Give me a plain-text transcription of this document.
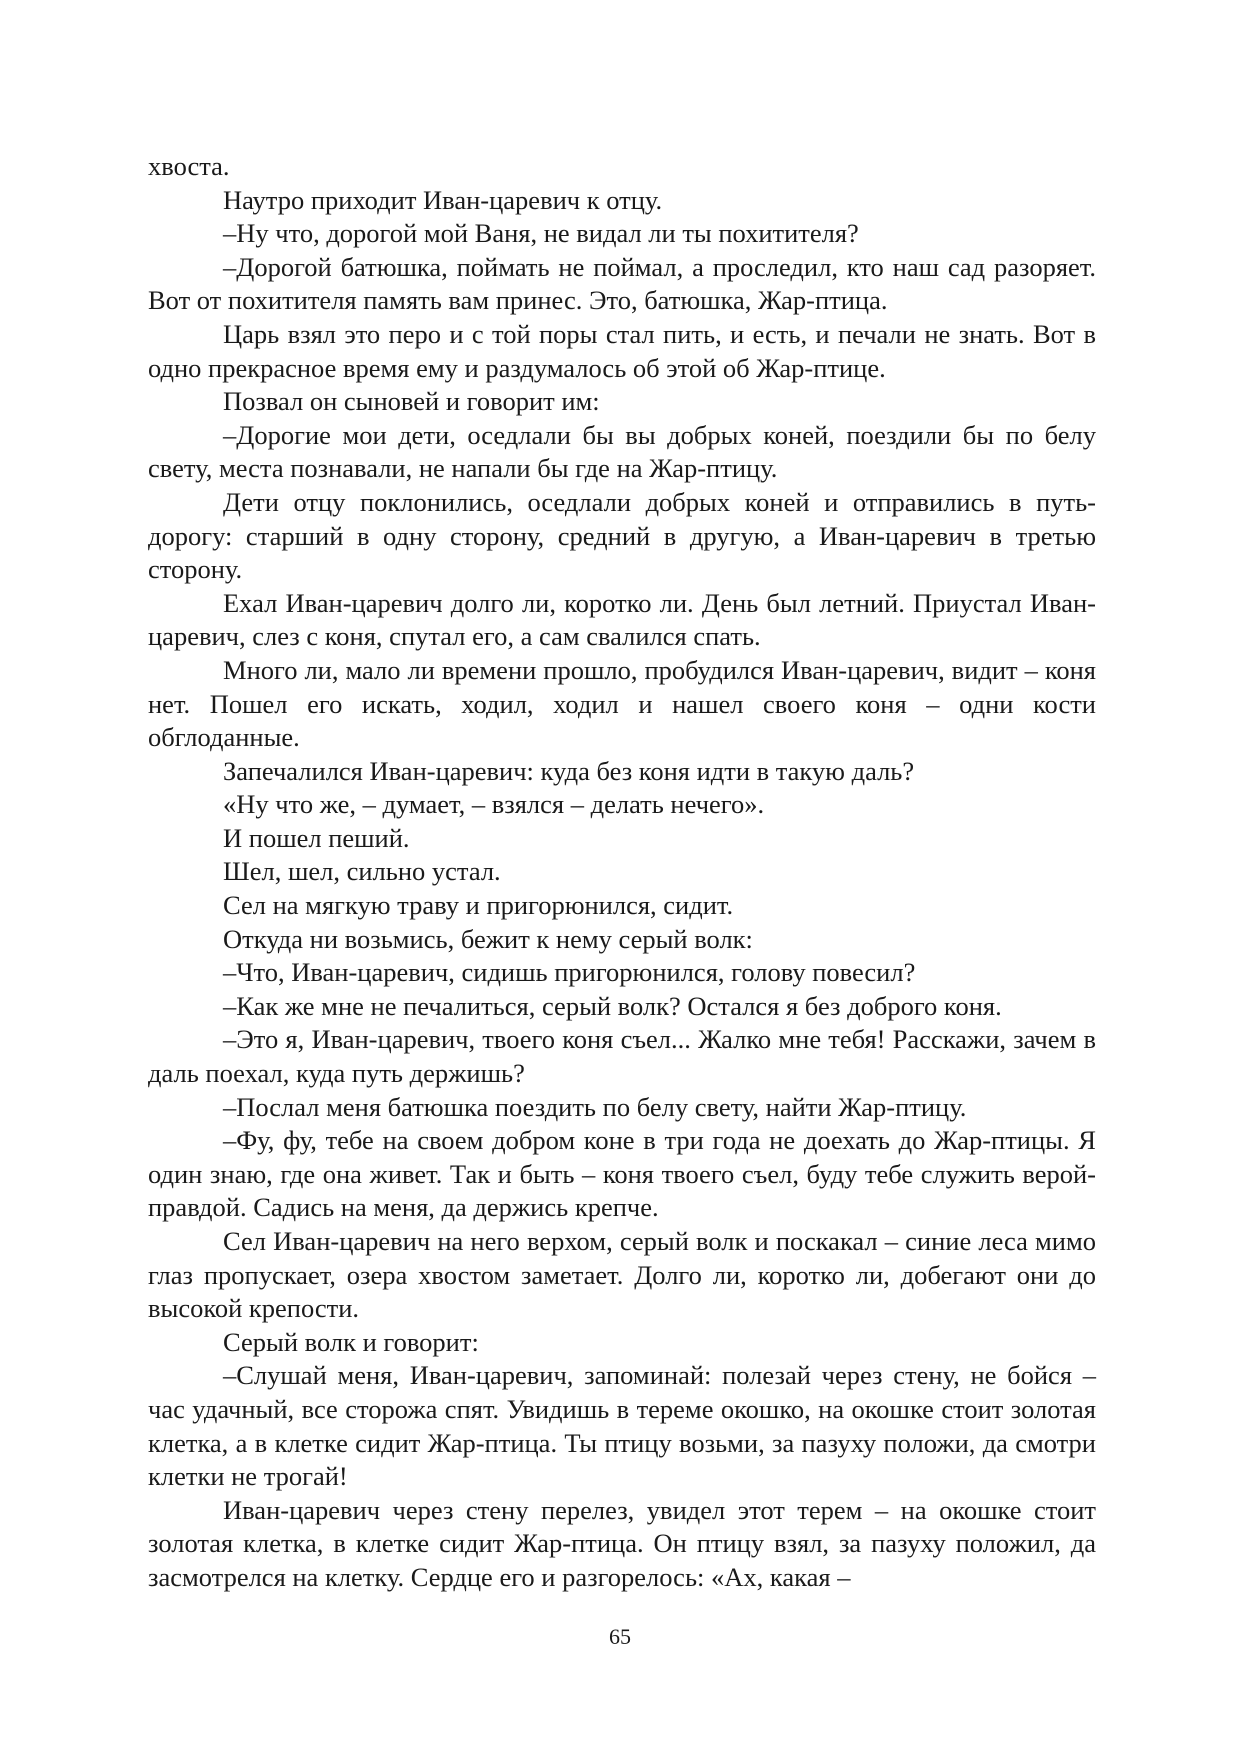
хвоста.

Наутро приходит Иван-царевич к отцу.

–Ну что, дорогой мой Ваня, не видал ли ты похитителя?

–Дорогой батюшка, поймать не поймал, а проследил, кто наш сад разоряет. Вот от похитителя память вам принес. Это, батюшка, Жар-птица.

Царь взял это перо и с той поры стал пить, и есть, и печали не знать. Вот в одно прекрасное время ему и раздумалось об этой об Жар-птице.

Позвал он сыновей и говорит им:

–Дорогие мои дети, оседлали бы вы добрых коней, поездили бы по белу свету, места познавали, не напали бы где на Жар-птицу.

Дети отцу поклонились, оседлали добрых коней и отправились в путь-дорогу: старший в одну сторону, средний в другую, а Иван-царевич в третью сторону.

Ехал Иван-царевич долго ли, коротко ли. День был летний. Приустал Иван-царевич, слез с коня, спутал его, а сам свалился спать.

Много ли, мало ли времени прошло, пробудился Иван-царевич, видит – коня нет. Пошел его искать, ходил, ходил и нашел своего коня – одни кости обглоданные.

Запечалился Иван-царевич: куда без коня идти в такую даль?

«Ну что же, – думает, – взялся – делать нечего».

И пошел пеший.

Шел, шел, сильно устал.

Сел на мягкую траву и пригорюнился, сидит.

Откуда ни возьмись, бежит к нему серый волк:

–Что, Иван-царевич, сидишь пригорюнился, голову повесил?

–Как же мне не печалиться, серый волк? Остался я без доброго коня.

–Это я, Иван-царевич, твоего коня съел... Жалко мне тебя! Расскажи, зачем в даль поехал, куда путь держишь?

–Послал меня батюшка поездить по белу свету, найти Жар-птицу.

–Фу, фу, тебе на своем добром коне в три года не доехать до Жар-птицы. Я один знаю, где она живет. Так и быть – коня твоего съел, буду тебе служить верой-правдой. Садись на меня, да держись крепче.

Сел Иван-царевич на него верхом, серый волк и поскакал – синие леса мимо глаз пропускает, озера хвостом заметает. Долго ли, коротко ли, добегают они до высокой крепости.

Серый волк и говорит:

–Слушай меня, Иван-царевич, запоминай: полезай через стену, не бойся – час удачный, все сторожа спят. Увидишь в тереме окошко, на окошке стоит золотая клетка, а в клетке сидит Жар-птица. Ты птицу возьми, за пазуху положи, да смотри клетки не трогай!

Иван-царевич через стену перелез, увидел этот терем – на окошке стоит золотая клетка, в клетке сидит Жар-птица. Он птицу взял, за пазуху положил, да засмотрелся на клетку. Сердце его и разгорелось: «Ах, какая –

65
